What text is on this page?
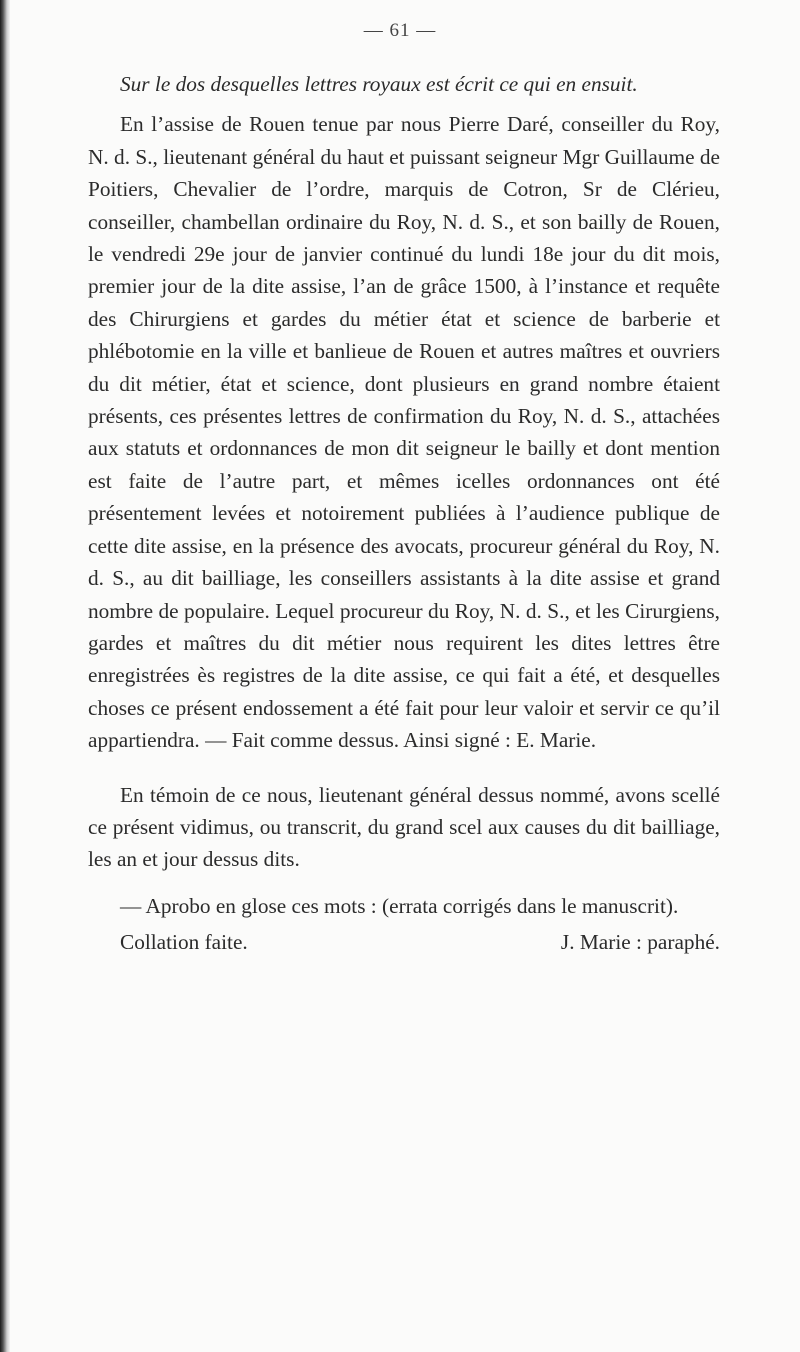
— 61 —

Sur le dos desquelles lettres royaux est écrit ce qui en ensuit.

En l’assise de Rouen tenue par nous Pierre Daré, conseiller du Roy, N. d. S., lieutenant général du haut et puissant seigneur Mgr Guillaume de Poitiers, Chevalier de l’ordre, marquis de Cotron, Sr de Clérieu, conseiller, chambellan ordinaire du Roy, N. d. S., et son bailly de Rouen, le vendredi 29e jour de janvier continué du lundi 18e jour du dit mois, premier jour de la dite assise, l’an de grâce 1500, à l’instance et requête des Chirurgiens et gardes du métier état et science de barberie et phlébotomie en la ville et banlieue de Rouen et autres maîtres et ouvriers du dit métier, état et science, dont plusieurs en grand nombre étaient présents, ces présentes lettres de confirmation du Roy, N. d. S., attachées aux statuts et ordonnances de mon dit seigneur le bailly et dont mention est faite de l’autre part, et mêmes icelles ordonnances ont été présentement levées et notoirement publiées à l’audience publique de cette dite assise, en la présence des avocats, procureur général du Roy, N. d. S., au dit bailliage, les conseillers assistants à la dite assise et grand nombre de populaire. Lequel procureur du Roy, N. d. S., et les Cirurgiens, gardes et maîtres du dit métier nous requirent les dites lettres être enregistrées ès registres de la dite assise, ce qui fait a été, et desquelles choses ce présent endossement a été fait pour leur valoir et servir ce qu’il appartiendra. — Fait comme dessus. Ainsi signé : E. Marie.

En témoin de ce nous, lieutenant général dessus nommé, avons scellé ce présent vidimus, ou transcrit, du grand scel aux causes du dit bailliage, les an et jour dessus dits.

— Aprobo en glose ces mots : (errata corrigés dans le manuscrit).

Collation faite.	J. Marie : paraphé.
